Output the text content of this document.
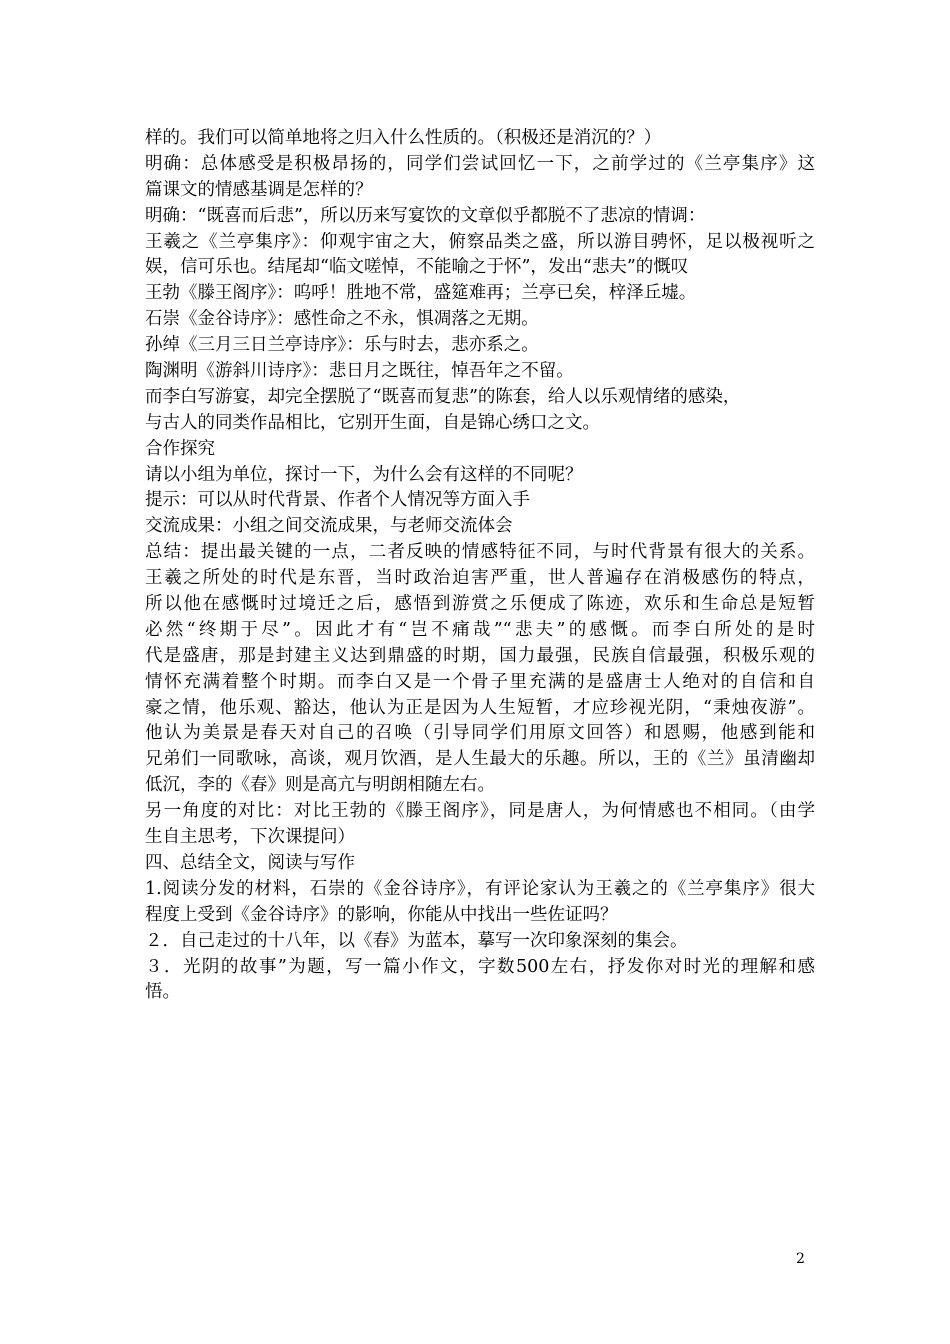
样的。我们可以简单地将之归入什么性质的。（积极还是消沉的？）
明确：总体感受是积极昂扬的，同学们尝试回忆一下，之前学过的《兰亭集序》这
篇课文的情感基调是怎样的？
明确：“既喜而后悲”，所以历来写宴饮的文章似乎都脱不了悲凉的情调：
王羲之《兰亭集序》：仰观宇宙之大，俯察品类之盛，所以游目骋怀，足以极视听之
娱，信可乐也。结尾却“临文嗟悼，不能喻之于怀”，发出“悲夫”的慨叹
王勃《滕王阁序》：呜呼！胜地不常，盛筵难再；兰亭已矣，梓泽丘墟。
石崇《金谷诗序》：感性命之不永，惧凋落之无期。
孙绰《三月三日兰亭诗序》：乐与时去，悲亦系之。
陶渊明《游斜川诗序》：悲日月之既往，悼吾年之不留。
而李白写游宴，却完全摆脱了“既喜而复悲”的陈套，给人以乐观情绪的感染，
与古人的同类作品相比，它别开生面，自是锦心绣口之文。
合作探究
请以小组为单位，探讨一下，为什么会有这样的不同呢？
提示：可以从时代背景、作者个人情况等方面入手
交流成果：小组之间交流成果，与老师交流体会
总结：提出最关键的一点，二者反映的情感特征不同，与时代背景有很大的关系。
王羲之所处的时代是东晋，当时政治迫害严重，世人普遍存在消极感伤的特点，
所以他在感慨时过境迁之后，感悟到游赏之乐便成了陈迹，欢乐和生命总是短暂
必然“终期于尽”。因此才有“岂不痛哉”“悲夫”的感慨。而李白所处的是时
代是盛唐，那是封建主义达到鼎盛的时期，国力最强，民族自信最强，积极乐观的
情怀充满着整个时期。而李白又是一个骨子里充满的是盛唐士人绝对的自信和自
豪之情，他乐观、豁达，他认为正是因为人生短暂，才应珍视光阴，“秉烛夜游”。
他认为美景是春天对自己的召唤（引导同学们用原文回答）和恩赐，他感到能和
兄弟们一同歌咏，高谈，观月饮酒，是人生最大的乐趣。所以，王的《兰》虽清幽却
低沉，李的《春》则是高亢与明朗相随左右。
另一角度的对比：对比王勃的《滕王阁序》，同是唐人，为何情感也不相同。（由学
生自主思考，下次课提问）
四、总结全文，阅读与写作
1.阅读分发的材料，石崇的《金谷诗序》，有评论家认为王羲之的《兰亭集序》很大
程度上受到《金谷诗序》的影响，你能从中找出一些佐证吗？
２．自己走过的十八年，以《春》为蓝本，摹写一次印象深刻的集会。
３．光阴的故事”为题，写一篇小作文，字数500左右，抒发你对时光的理解和感
悟。
2
